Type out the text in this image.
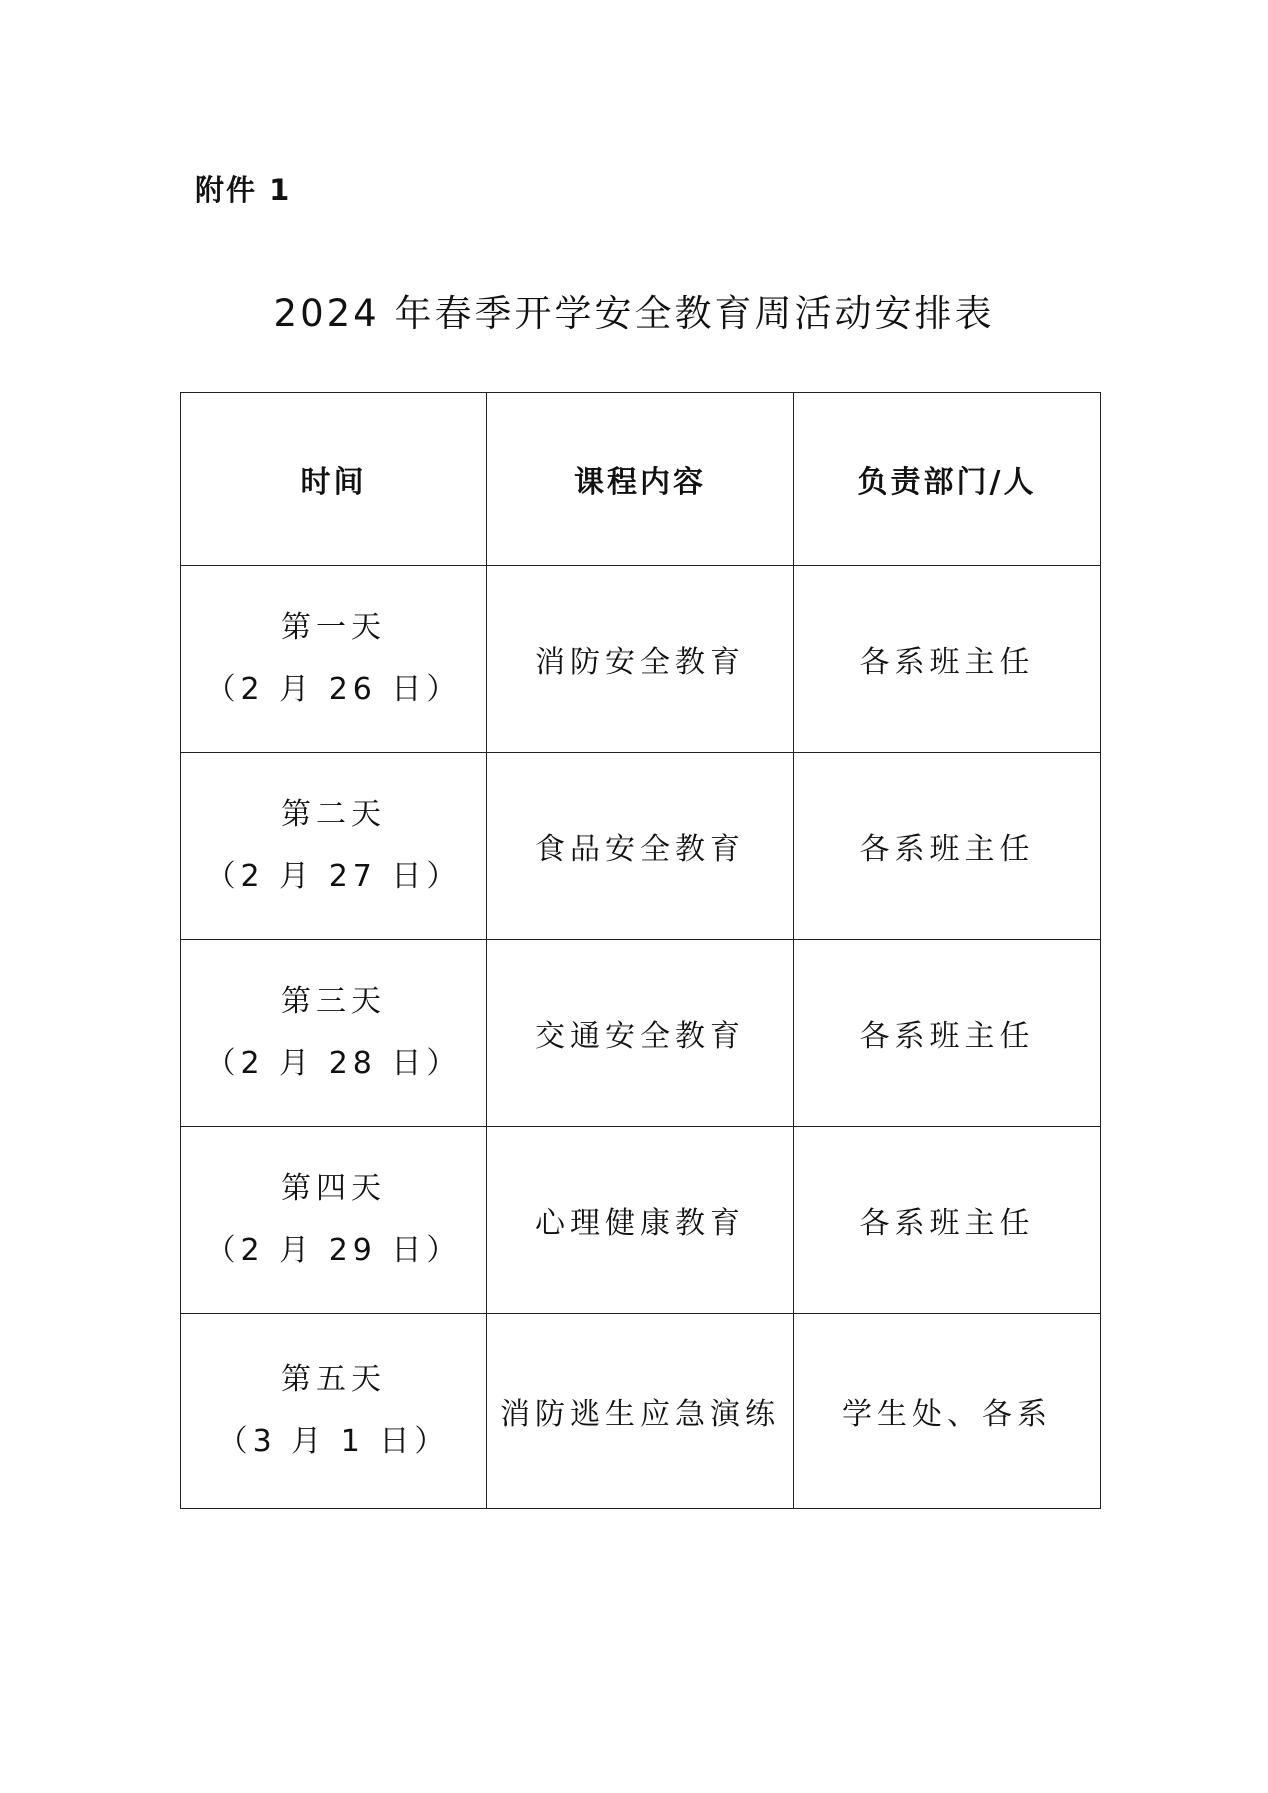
附件 1
2024 年春季开学安全教育周活动安排表
时间	课程内容	负责部门/人

第一天
（2 月 26 日）	消防安全教育	各系班主任

第二天
（2 月 27 日）	食品安全教育	各系班主任

第三天
（2 月 28 日）	交通安全教育	各系班主任

第四天
（2 月 29 日）	心理健康教育	各系班主任

第五天
（3 月 1 日）	消防逃生应急演练	学生处、各系
